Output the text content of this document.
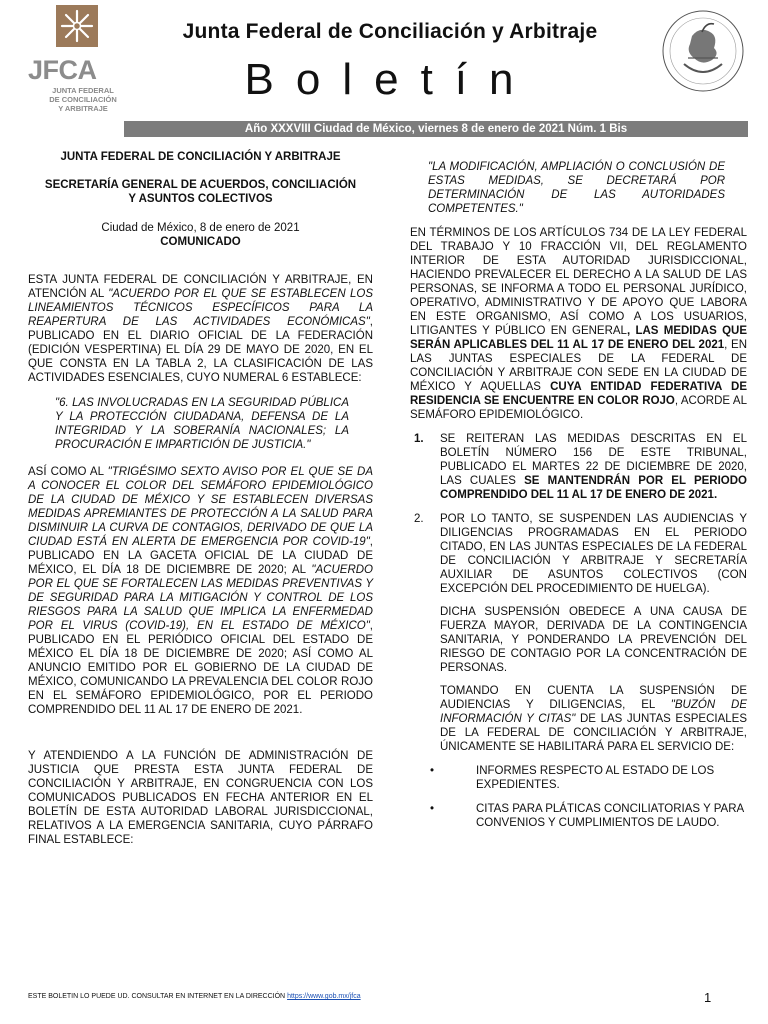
JFCA
JUNTA FEDERAL
DE CONCILIACIÓN
Y ARBITRAJE
Junta Federal de Conciliación y Arbitraje
Boletín
Año XXXVIII Ciudad de México, viernes 8 de enero de 2021 Núm. 1 Bis

JUNTA FEDERAL DE CONCILIACIÓN Y ARBITRAJE

SECRETARÍA GENERAL DE ACUERDOS, CONCILIACIÓN Y ASUNTOS COLECTIVOS

Ciudad de México, 8 de enero de 2021

COMUNICADO

ESTA JUNTA FEDERAL DE CONCILIACIÓN Y ARBITRAJE, EN ATENCIÓN AL "ACUERDO POR EL QUE SE ESTABLECEN LOS LINEAMIENTOS TÉCNICOS ESPECÍFICOS PARA LA REAPERTURA DE LAS ACTIVIDADES ECONÓMICAS", PUBLICADO EN EL DIARIO OFICIAL DE LA FEDERACIÓN (EDICIÓN VESPERTINA) EL DÍA 29 DE MAYO DE 2020, EN EL QUE CONSTA EN LA TABLA 2, LA CLASIFICACIÓN DE LAS ACTIVIDADES ESENCIALES, CUYO NUMERAL 6 ESTABLECE:

"6. LAS INVOLUCRADAS EN LA SEGURIDAD PÚBLICA Y LA PROTECCIÓN CIUDADANA, DEFENSA DE LA INTEGRIDAD Y LA SOBERANÍA NACIONALES; LA PROCURACIÓN E IMPARTICIÓN DE JUSTICIA."

ASÍ COMO AL "TRIGÉSIMO SEXTO AVISO POR EL QUE SE DA A CONOCER EL COLOR DEL SEMÁFORO EPIDEMIOLÓGICO DE LA CIUDAD DE MÉXICO Y SE ESTABLECEN DIVERSAS MEDIDAS APREMIANTES DE PROTECCIÓN A LA SALUD PARA DISMINUIR LA CURVA DE CONTAGIOS, DERIVADO DE QUE LA CIUDAD ESTÁ EN ALERTA DE EMERGENCIA POR COVID-19", PUBLICADO EN LA GACETA OFICIAL DE LA CIUDAD DE MÉXICO, EL DÍA 18 DE DICIEMBRE DE 2020; AL "ACUERDO POR EL QUE SE FORTALECEN LAS MEDIDAS PREVENTIVAS Y DE SEGURIDAD PARA LA MITIGACIÓN Y CONTROL DE LOS RIESGOS PARA LA SALUD QUE IMPLICA LA ENFERMEDAD POR EL VIRUS (COVID-19), EN EL ESTADO DE MÉXICO", PUBLICADO EN EL PERIÓDICO OFICIAL DEL ESTADO DE MÉXICO EL DÍA 18 DE DICIEMBRE DE 2020; ASÍ COMO AL ANUNCIO EMITIDO POR EL GOBIERNO DE LA CIUDAD DE MÉXICO, COMUNICANDO LA PREVALENCIA DEL COLOR ROJO EN EL SEMÁFORO EPIDEMIOLÓGICO, POR EL PERIODO COMPRENDIDO DEL 11 AL 17 DE ENERO DE 2021.

Y ATENDIENDO A LA FUNCIÓN DE ADMINISTRACIÓN DE JUSTICIA QUE PRESTA ESTA JUNTA FEDERAL DE CONCILIACIÓN Y ARBITRAJE, EN CONGRUENCIA CON LOS COMUNICADOS PUBLICADOS EN FECHA ANTERIOR EN EL BOLETÍN DE ESTA AUTORIDAD LABORAL JURISDICCIONAL, RELATIVOS A LA EMERGENCIA SANITARIA, CUYO PÁRRAFO FINAL ESTABLECE:

"LA MODIFICACIÓN, AMPLIACIÓN O CONCLUSIÓN DE ESTAS MEDIDAS, SE DECRETARÁ POR DETERMINACIÓN DE LAS AUTORIDADES COMPETENTES."

EN TÉRMINOS DE LOS ARTÍCULOS 734 DE LA LEY FEDERAL DEL TRABAJO Y 10 FRACCIÓN VII, DEL REGLAMENTO INTERIOR DE ESTA AUTORIDAD JURISDICCIONAL, HACIENDO PREVALECER EL DERECHO A LA SALUD DE LAS PERSONAS, SE INFORMA A TODO EL PERSONAL JURÍDICO, OPERATIVO, ADMINISTRATIVO Y DE APOYO QUE LABORA EN ESTE ORGANISMO, ASÍ COMO A LOS USUARIOS, LITIGANTES Y PÚBLICO EN GENERAL, LAS MEDIDAS QUE SERÁN APLICABLES DEL 11 AL 17 DE ENERO DEL 2021, EN LAS JUNTAS ESPECIALES DE LA FEDERAL DE CONCILIACIÓN Y ARBITRAJE CON SEDE EN LA CIUDAD DE MÉXICO Y AQUELLAS CUYA ENTIDAD FEDERATIVA DE RESIDENCIA SE ENCUENTRE EN COLOR ROJO, ACORDE AL SEMÁFORO EPIDEMIOLÓGICO.

1.	SE REITERAN LAS MEDIDAS DESCRITAS EN EL BOLETÍN NÚMERO 156 DE ESTE TRIBUNAL, PUBLICADO EL MARTES 22 DE DICIEMBRE DE 2020, LAS CUALES SE MANTENDRÁN POR EL PERIODO COMPRENDIDO DEL 11 AL 17 DE ENERO DE 2021.
2.	POR LO TANTO, SE SUSPENDEN LAS AUDIENCIAS Y DILIGENCIAS PROGRAMADAS EN EL PERIODO CITADO, EN LAS JUNTAS ESPECIALES DE LA FEDERAL DE CONCILIACIÓN Y ARBITRAJE Y SECRETARÍA AUXILIAR DE ASUNTOS COLECTIVOS (CON EXCEPCIÓN DEL PROCEDIMIENTO DE HUELGA).

DICHA SUSPENSIÓN OBEDECE A UNA CAUSA DE FUERZA MAYOR, DERIVADA DE LA CONTINGENCIA SANITARIA, Y PONDERANDO LA PREVENCIÓN DEL RIESGO DE CONTAGIO POR LA CONCENTRACIÓN DE PERSONAS.

TOMANDO EN CUENTA LA SUSPENSIÓN DE AUDIENCIAS Y DILIGENCIAS, EL "BUZÓN DE INFORMACIÓN Y CITAS" DE LAS JUNTAS ESPECIALES DE LA FEDERAL DE CONCILIACIÓN Y ARBITRAJE, ÚNICAMENTE SE HABILITARÁ PARA EL SERVICIO DE:

•	INFORMES RESPECTO AL ESTADO DE LOS EXPEDIENTES.
•	CITAS PARA PLÁTICAS CONCILIATORIAS Y PARA CONVENIOS Y CUMPLIMIENTOS DE LAUDO.
ESTE BOLETIN LO PUEDE UD. CONSULTAR EN INTERNET EN LA DIRECCIÓN https://www.gob.mx/jfca	1
